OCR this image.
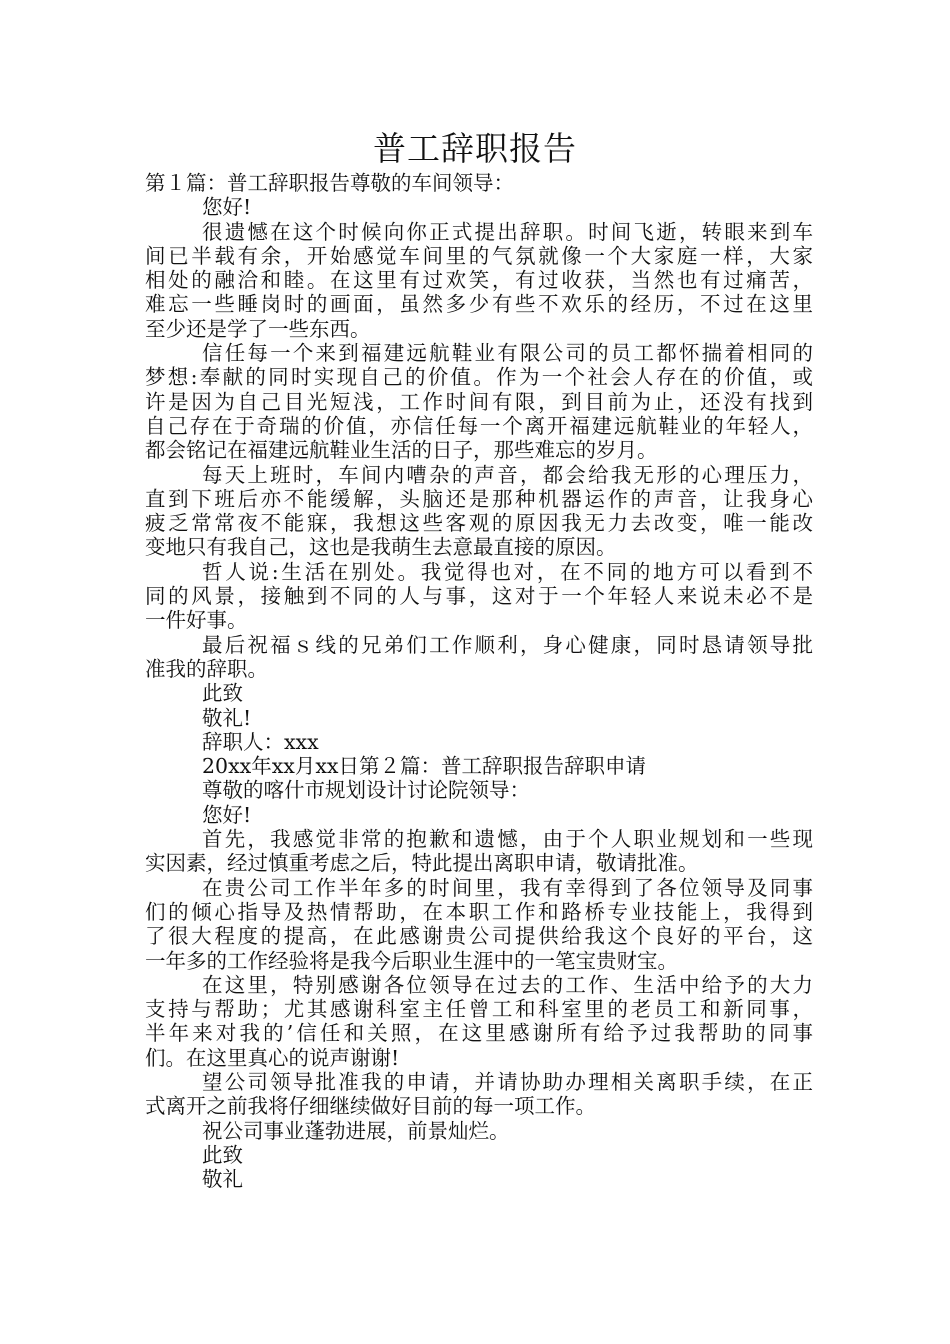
普工辞职报告
第１篇：普工辞职报告尊敬的车间领导：
您好!
很遗憾在这个时候向你正式提出辞职。时间飞逝，转眼来到车
间已半载有余，开始感觉车间里的气氛就像一个大家庭一样，大家
相处的融洽和睦。在这里有过欢笑，有过收获，当然也有过痛苦，
难忘一些睡岗时的画面，虽然多少有些不欢乐的经历，不过在这里
至少还是学了一些东西。
信任每一个来到福建远航鞋业有限公司的员工都怀揣着相同的
梦想:奉献的同时实现自己的价值。作为一个社会人存在的价值，或
许是因为自己目光短浅，工作时间有限，到目前为止，还没有找到
自己存在于奇瑞的价值，亦信任每一个离开福建远航鞋业的年轻人，
都会铭记在福建远航鞋业生活的日子，那些难忘的岁月。
每天上班时，车间内嘈杂的声音，都会给我无形的心理压力，
直到下班后亦不能缓解，头脑还是那种机器运作的声音，让我身心
疲乏常常夜不能寐，我想这些客观的原因我无力去改变，唯一能改
变地只有我自己，这也是我萌生去意最直接的原因。
哲人说:生活在别处。我觉得也对，在不同的地方可以看到不
同的风景，接触到不同的人与事，这对于一个年轻人来说未必不是
一件好事。
最后祝福ｓ线的兄弟们工作顺利，身心健康，同时恳请领导批
准我的辞职。
此致
敬礼!
辞职人：xxx
20xx年xx月xx日第２篇：普工辞职报告辞职申请
尊敬的喀什市规划设计讨论院领导：
您好!
首先，我感觉非常的抱歉和遗憾，由于个人职业规划和一些现
实因素，经过慎重考虑之后，特此提出离职申请，敬请批准。
在贵公司工作半年多的时间里，我有幸得到了各位领导及同事
们的倾心指导及热情帮助，在本职工作和路桥专业技能上，我得到
了很大程度的提高，在此感谢贵公司提供给我这个良好的平台，这
一年多的工作经验将是我今后职业生涯中的一笔宝贵财宝。
在这里，特别感谢各位领导在过去的工作、生活中给予的大力
支持与帮助；尤其感谢科室主任曾工和科室里的老员工和新同事，
半年来对我的’信任和关照，在这里感谢所有给予过我帮助的同事
们。在这里真心的说声谢谢!
望公司领导批准我的申请，并请协助办理相关离职手续，在正
式离开之前我将仔细继续做好目前的每一项工作。
祝公司事业蓬勃进展，前景灿烂。
此致
敬礼
